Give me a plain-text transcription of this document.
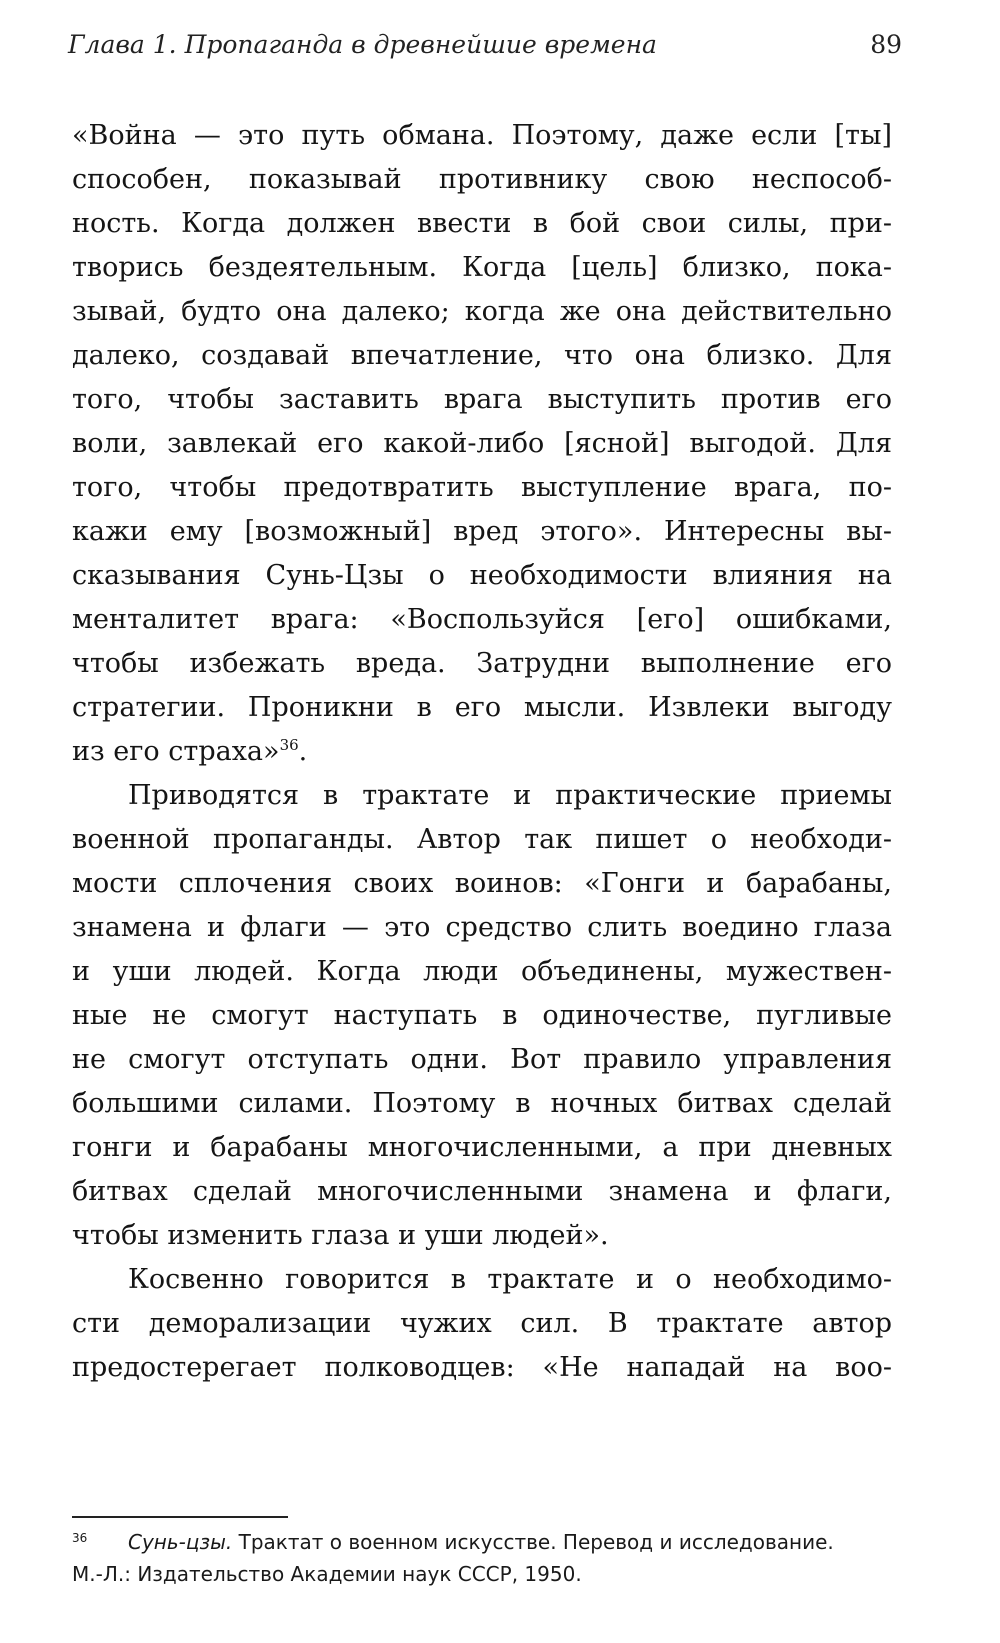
Глава 1. Пропаганда в древнейшие времена	89
«Война — это путь обмана. Поэтому, даже если [ты]
способен, показывай противнику свою неспособ-
ность. Когда должен ввести в бой свои силы, при-
творись бездеятельным. Когда [цель] близко, пока-
зывай, будто она далеко; когда же она действительно
далеко, создавай впечатление, что она близко. Для
того, чтобы заставить врага выступить против его
воли, завлекай его какой-либо [ясной] выгодой. Для
того, чтобы предотвратить выступление врага, по-
кажи ему [возможный] вред этого». Интересны вы-
сказывания Сунь-Цзы о необходимости влияния на
менталитет врага: «Воспользуйся [его] ошибками,
чтобы избежать вреда. Затрудни выполнение его
стратегии. Проникни в его мысли. Извлеки выгоду
из его страха»$^{36}$.
Приводятся в трактате и практические приемы
военной пропаганды. Автор так пишет о необходи-
мости сплочения своих воинов: «Гонги и барабаны,
знамена и флаги — это средство слить воедино глаза
и уши людей. Когда люди объединены, мужествен-
ные не смогут наступать в одиночестве, пугливые
не смогут отступать одни. Вот правило управления
большими силами. Поэтому в ночных битвах сделай
гонги и барабаны многочисленными, а при дневных
битвах сделай многочисленными знамена и флаги,
чтобы изменить глаза и уши людей».
Косвенно говорится в трактате и о необходимо-
сти деморализации чужих сил. В трактате автор
предостерегает полководцев: «Не нападай на воо-
36	Сунь-цзы. Трактат о военном искусстве. Перевод и исследование.
М.-Л.: Издательство Академии наук СССР, 1950.
